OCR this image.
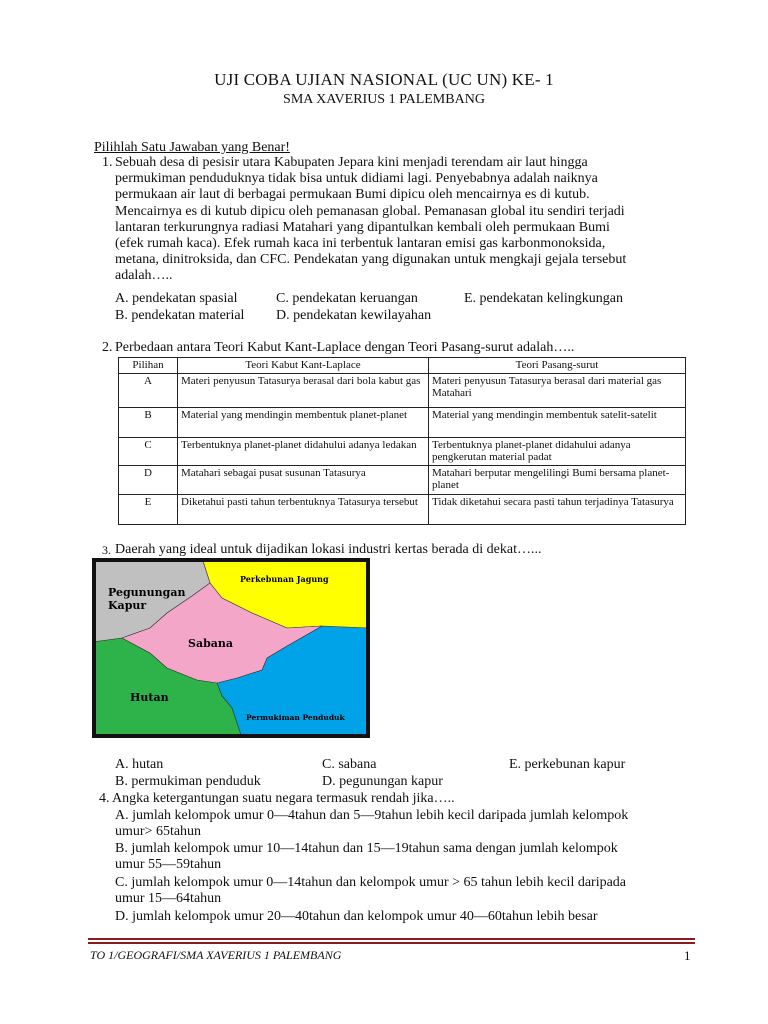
UJI COBA UJIAN NASIONAL (UC UN) KE- 1
SMA XAVERIUS 1 PALEMBANG
Pilihlah Satu Jawaban yang Benar!
1. Sebuah desa di pesisir utara Kabupaten Jepara kini menjadi terendam air laut hingga
permukiman penduduknya tidak bisa untuk didiami lagi. Penyebabnya adalah naiknya
permukaan air laut di berbagai permukaan Bumi dipicu oleh mencairnya es di kutub.
Mencairnya es di kutub dipicu oleh pemanasan global. Pemanasan global itu sendiri terjadi
lantaran terkurungnya radiasi Matahari yang dipantulkan kembali oleh permukaan Bumi
(efek rumah kaca). Efek rumah kaca ini terbentuk lantaran emisi gas karbonmonoksida,
metana, dinitroksida, dan CFC. Pendekatan yang digunakan untuk mengkaji gejala tersebut
adalah…..
A. pendekatan spasial	C. pendekatan keruangan	E. pendekatan kelingkungan
B. pendekatan material D. pendekatan kewilayahan
2. Perbedaan antara Teori Kabut Kant-Laplace dengan Teori Pasang-surut adalah…..
Pilihan	Teori Kabut Kant-Laplace	Teori Pasang-surut
A	Materi penyusun Tatasurya berasal dari bola kabut gas	Materi penyusun Tatasurya berasal dari material gas Matahari
B	Material yang mendingin membentuk planet-planet	Material yang mendingin membentuk satelit-satelit
C	Terbentuknya planet-planet didahului adanya ledakan	Terbentuknya planet-planet didahului adanya pengkerutan material padat
D	Matahari sebagai pusat susunan Tatasurya	Matahari berputar mengelilingi Bumi bersama planet-planet
E	Diketahui pasti tahun terbentuknya Tatasurya tersebut	Tidak diketahui secara pasti tahun terjadinya Tatasurya
3. Daerah yang ideal untuk dijadikan lokasi industri kertas berada di dekat…...
Pegunungan
Kapur
Perkebunan Jagung
Sabana
Hutan
Permukiman Penduduk
A. hutan	C. sabana	E. perkebunan kapur
B. permukiman penduduk	D. pegunungan kapur
4. Angka ketergantungan suatu negara termasuk rendah jika…..
A. jumlah kelompok umur 0—4tahun dan 5—9tahun lebih kecil daripada jumlah kelompok
umur> 65tahun
B. jumlah kelompok umur 10—14tahun dan 15—19tahun sama dengan jumlah kelompok
umur 55—59tahun
C. jumlah kelompok umur 0—14tahun dan kelompok umur > 65 tahun lebih kecil daripada
umur 15—64tahun
D. jumlah kelompok umur 20—40tahun dan kelompok umur 40—60tahun lebih besar
TO 1/GEOGRAFI/SMA XAVERIUS 1 PALEMBANG	1
